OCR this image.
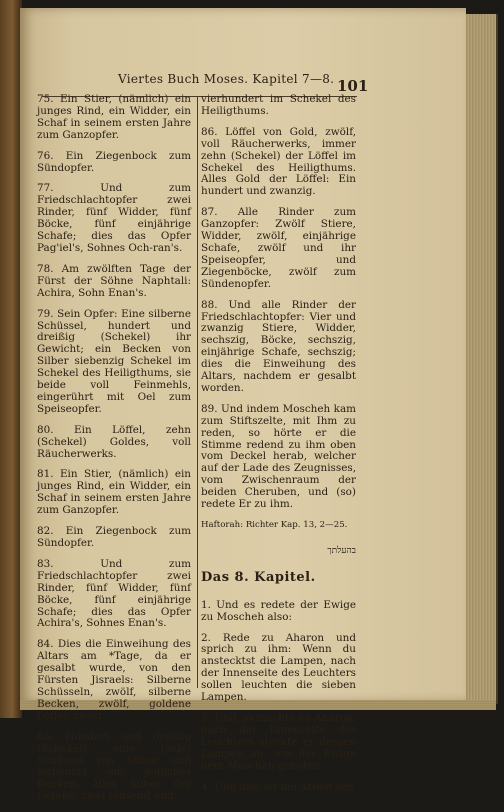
Viertes Buch Moses. Kapitel 7—8. 101

75. Ein Stier, (nämlich) ein junges Rind, ein Widder, ein Schaf in seinem ersten Jahre zum Ganzopfer.

76. Ein Ziegenbock zum Sündopfer.

77. Und zum Friedschlachtopfer zwei Rinder, fünf Widder, fünf Böcke, fünf einjährige Schafe; dies das Opfer Pag'iel's, Sohnes Och-ran's.

78. Am zwölften Tage der Fürst der Söhne Naphtali: Achira, Sohn Enan's.

79. Sein Opfer: Eine silberne Schüssel, hundert und dreißig (Schekel) ihr Gewicht; ein Becken von Silber siebenzig Schekel im Schekel des Heiligthums, sie beide voll Feinmehls, eingerührt mit Oel zum Speiseopfer.

80. Ein Löffel, zehn (Schekel) Goldes, voll Räucherwerks.

81. Ein Stier, (nämlich) ein junges Rind, ein Widder, ein Schaf in seinem ersten Jahre zum Ganzopfer.

82. Ein Ziegenbock zum Sündopfer.

83. Und zum Friedschlachtopfer zwei Rinder, fünf Widder, fünf Böcke, fünf einjährige Schafe; dies das Opfer Achira's, Sohnes Enan's.

84. Dies die Einweihung des Altars am *Tage, da er gesalbt wurde, von den Fürsten Jisraels: Silberne Schüsseln, zwölf, silberne Becken, zwölf, goldene Löffel, zwölf.

85. Hundert und dreißig (Schekel) eine (jede) Schüssel von Silber und siebenzig ein jegliches Becken. Alles Silber der Gefäße: zwei tausend und

vierhundert im Schekel des Heiligthums.

86. Löffel von Gold, zwölf, voll Räucherwerks, immer zehn (Schekel) der Löffel im Schekel des Heiligthums. Alles Gold der Löffel: Ein hundert und zwanzig.

87. Alle Rinder zum Ganzopfer: Zwölf Stiere, Widder, zwölf, einjährige Schafe, zwölf und ihr Speiseopfer, und Ziegenböcke, zwölf zum Sündenopfer.

88. Und alle Rinder der Friedschlachtopfer: Vier und zwanzig Stiere, Widder, sechszig, Böcke, sechszig, einjährige Schafe, sechszig; dies die Einweihung des Altars, nachdem er gesalbt worden.

89. Und indem Moscheh kam zum Stiftszelte, mit Ihm zu reden, so hörte er die Stimme redend zu ihm oben vom Deckel herab, welcher auf der Lade des Zeugnisses, vom Zwischenraum der beiden Cheruben, und (so) redete Er zu ihm.

Haftorah: Richter Kap. 13, 2—25.

בהעלתך

Das 8. Kapitel.

1. Und es redete der Ewige zu Moscheh also:

2. Rede zu Aharon und sprich zu ihm: Wenn du anstecktst die Lampen, nach der Innenseite des Leuchters sollen leuchten die sieben Lampen.

3. Und so machte es Aharon, nach der Innenseite des Leuchters steckte er dessen Lampen an, wie der Ewige dem Moscheh geboten.

4. Und dies ist die Arbeit des
